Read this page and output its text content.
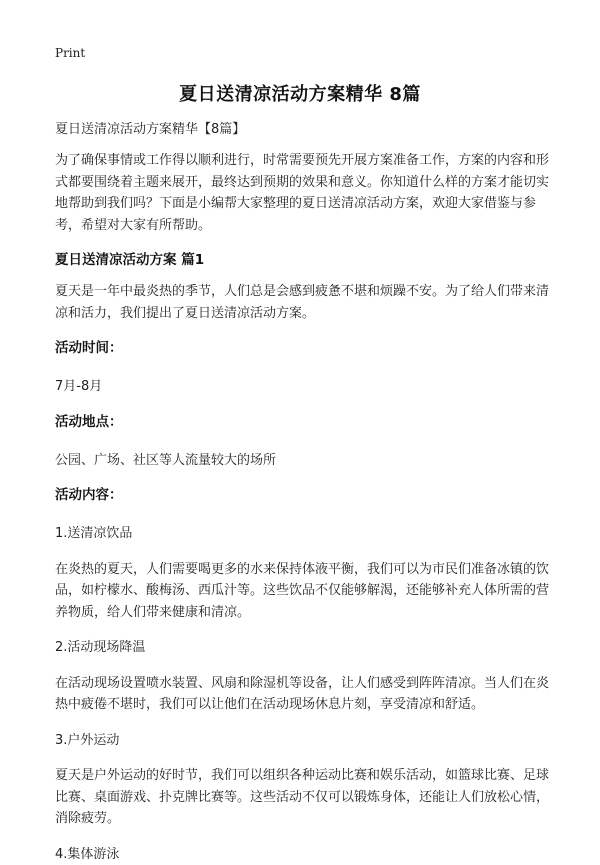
Print
夏日送清凉活动方案精华 8篇

夏日送清凉活动方案精华【8篇】

为了确保事情或工作得以顺利进行，时常需要预先开展方案准备工作，方案的内容和形式都要围绕着主题来展开，最终达到预期的效果和意义。你知道什么样的方案才能切实地帮助到我们吗？下面是小编帮大家整理的夏日送清凉活动方案，欢迎大家借鉴与参考，希望对大家有所帮助。

夏日送清凉活动方案 篇1

夏天是一年中最炎热的季节，人们总是会感到疲惫不堪和烦躁不安。为了给人们带来清凉和活力，我们提出了夏日送清凉活动方案。

活动时间：

7月-8月

活动地点：

公园、广场、社区等人流量较大的场所

活动内容：

1.送清凉饮品

在炎热的夏天，人们需要喝更多的水来保持体液平衡，我们可以为市民们准备冰镇的饮品，如柠檬水、酸梅汤、西瓜汁等。这些饮品不仅能够解渴，还能够补充人体所需的营养物质，给人们带来健康和清凉。

2.活动现场降温

在活动现场设置喷水装置、风扇和除湿机等设备，让人们感受到阵阵清凉。当人们在炎热中疲倦不堪时，我们可以让他们在活动现场休息片刻，享受清凉和舒适。

3.户外运动

夏天是户外运动的好时节，我们可以组织各种运动比赛和娱乐活动，如篮球比赛、足球比赛、桌面游戏、扑克牌比赛等。这些活动不仅可以锻炼身体，还能让人们放松心情，消除疲劳。

4.集体游泳
